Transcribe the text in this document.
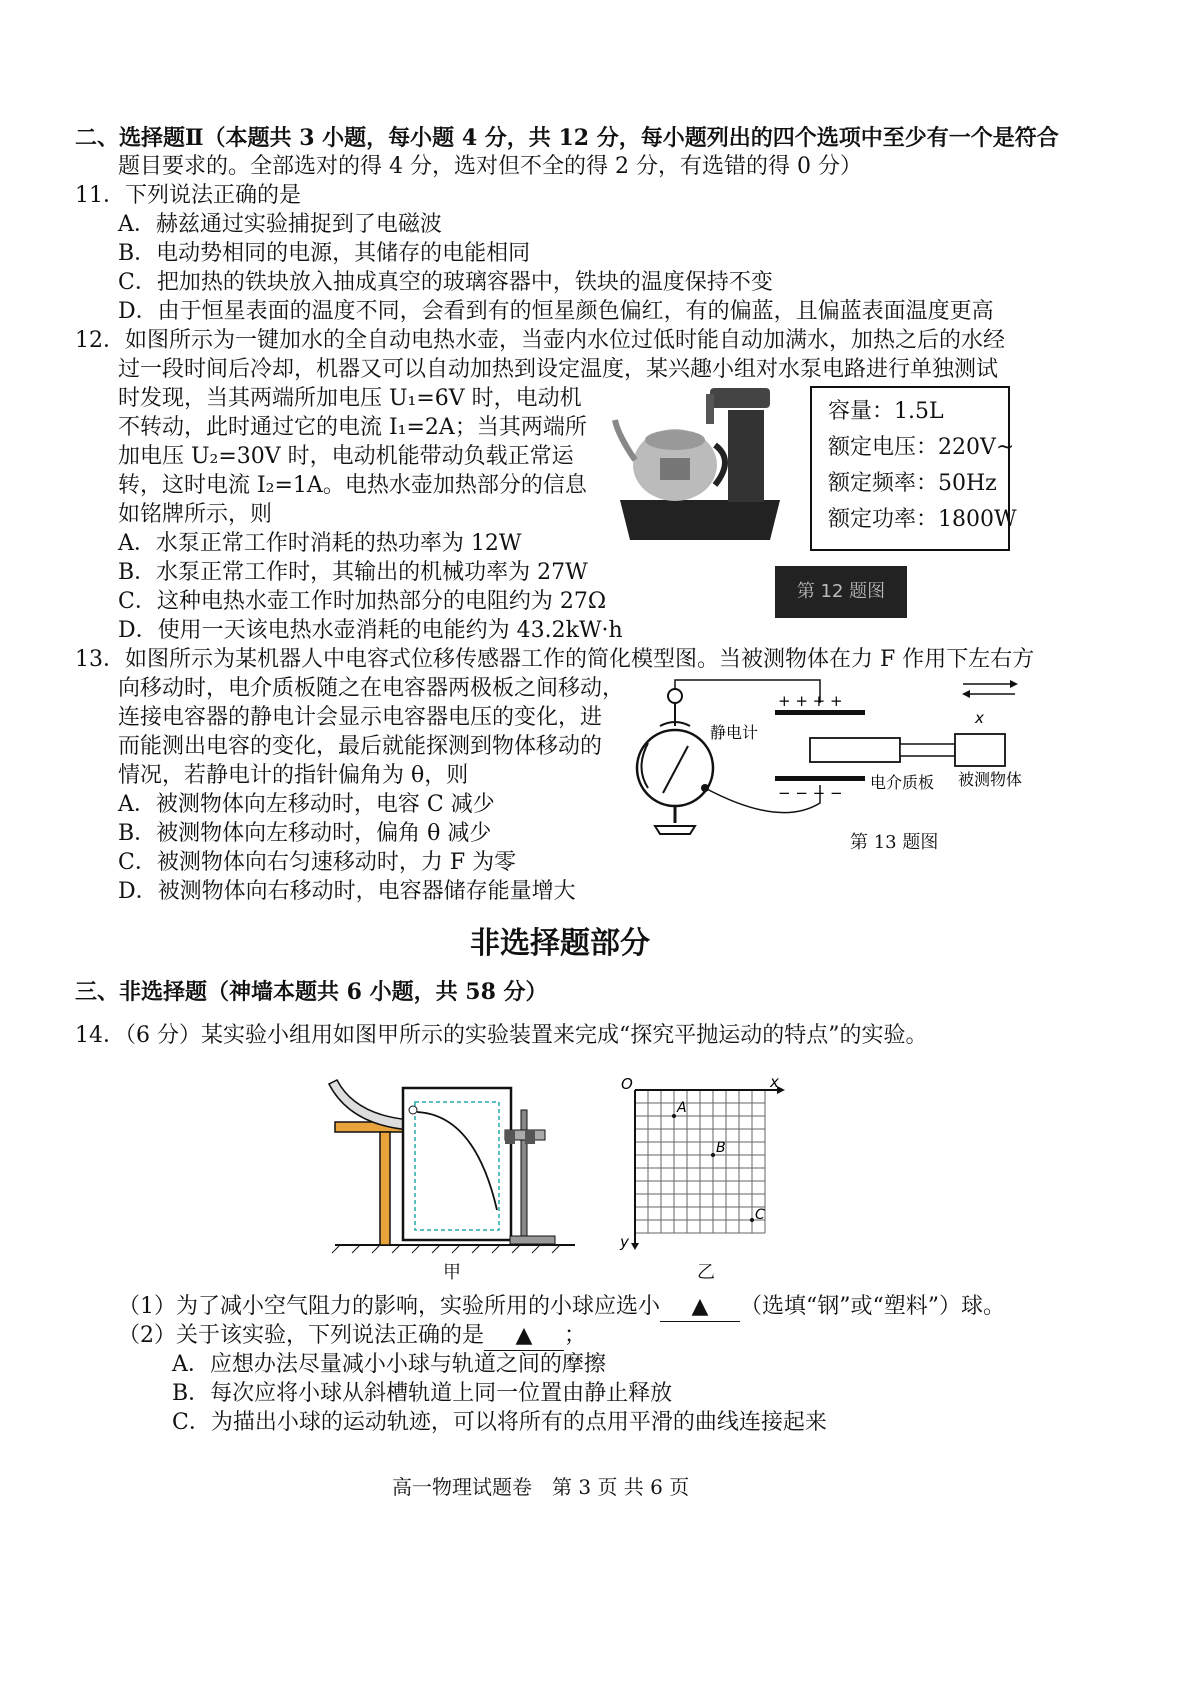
二、选择题Ⅱ（本题共 3 小题，每小题 4 分，共 12 分，每小题列出的四个选项中至少有一个是符合
题目要求的。全部选对的得 4 分，选对但不全的得 2 分，有选错的得 0 分）
11．下列说法正确的是
A．赫兹通过实验捕捉到了电磁波
B．电动势相同的电源，其储存的电能相同
C．把加热的铁块放入抽成真空的玻璃容器中，铁块的温度保持不变
D．由于恒星表面的温度不同，会看到有的恒星颜色偏红，有的偏蓝，且偏蓝表面温度更高
12．如图所示为一键加水的全自动电热水壶，当壶内水位过低时能自动加满水，加热之后的水经
过一段时间后冷却，机器又可以自动加热到设定温度，某兴趣小组对水泵电路进行单独测试
时发现，当其两端所加电压 U₁=6V 时，电动机
不转动，此时通过它的电流 I₁=2A；当其两端所
加电压 U₂=30V 时，电动机能带动负载正常运
转，这时电流 I₂=1A。电热水壶加热部分的信息
如铭牌所示，则
A．水泵正常工作时消耗的热功率为 12W
B．水泵正常工作时，其输出的机械功率为 27W
C．这种电热水壶工作时加热部分的电阻约为 27Ω
D．使用一天该电热水壶消耗的电能约为 43.2kW·h
容量：1.5L
额定电压：220V~
额定频率：50Hz
额定功率：1800W
第 12 题图
13．如图所示为某机器人中电容式位移传感器工作的简化模型图。当被测物体在力 F 作用下左右方
向移动时，电介质板随之在电容器两极板之间移动，
连接电容器的静电计会显示电容器电压的变化，进
而能测出电容的变化，最后就能探测到物体移动的
情况，若静电计的指针偏角为 θ，则
A．被测物体向左移动时，电容 C 减少
B．被测物体向左移动时，偏角 θ 减少
C．被测物体向右匀速移动时，力 F 为零
D．被测物体向右移动时，电容器储存能量增大
+ + + +
− − − −
静电计
电介质板 被测物体
x
第 13 题图
非选择题部分
三、非选择题（神墙本题共 6 小题，共 58 分）
14．（6 分）某实验小组用如图甲所示的实验装置来完成“探究平抛运动的特点”的实验。
甲
O	x
y
A
B
C
乙
（1）为了减小空气阻力的影响，实验所用的小球应选小 ▲ （选填“钢”或“塑料”）球。
（2）关于该实验，下列说法正确的是 ▲ ；
A．应想办法尽量减小小球与轨道之间的摩擦
B．每次应将小球从斜槽轨道上同一位置由静止释放
C．为描出小球的运动轨迹，可以将所有的点用平滑的曲线连接起来
高一物理试题卷　第 3 页 共 6 页
